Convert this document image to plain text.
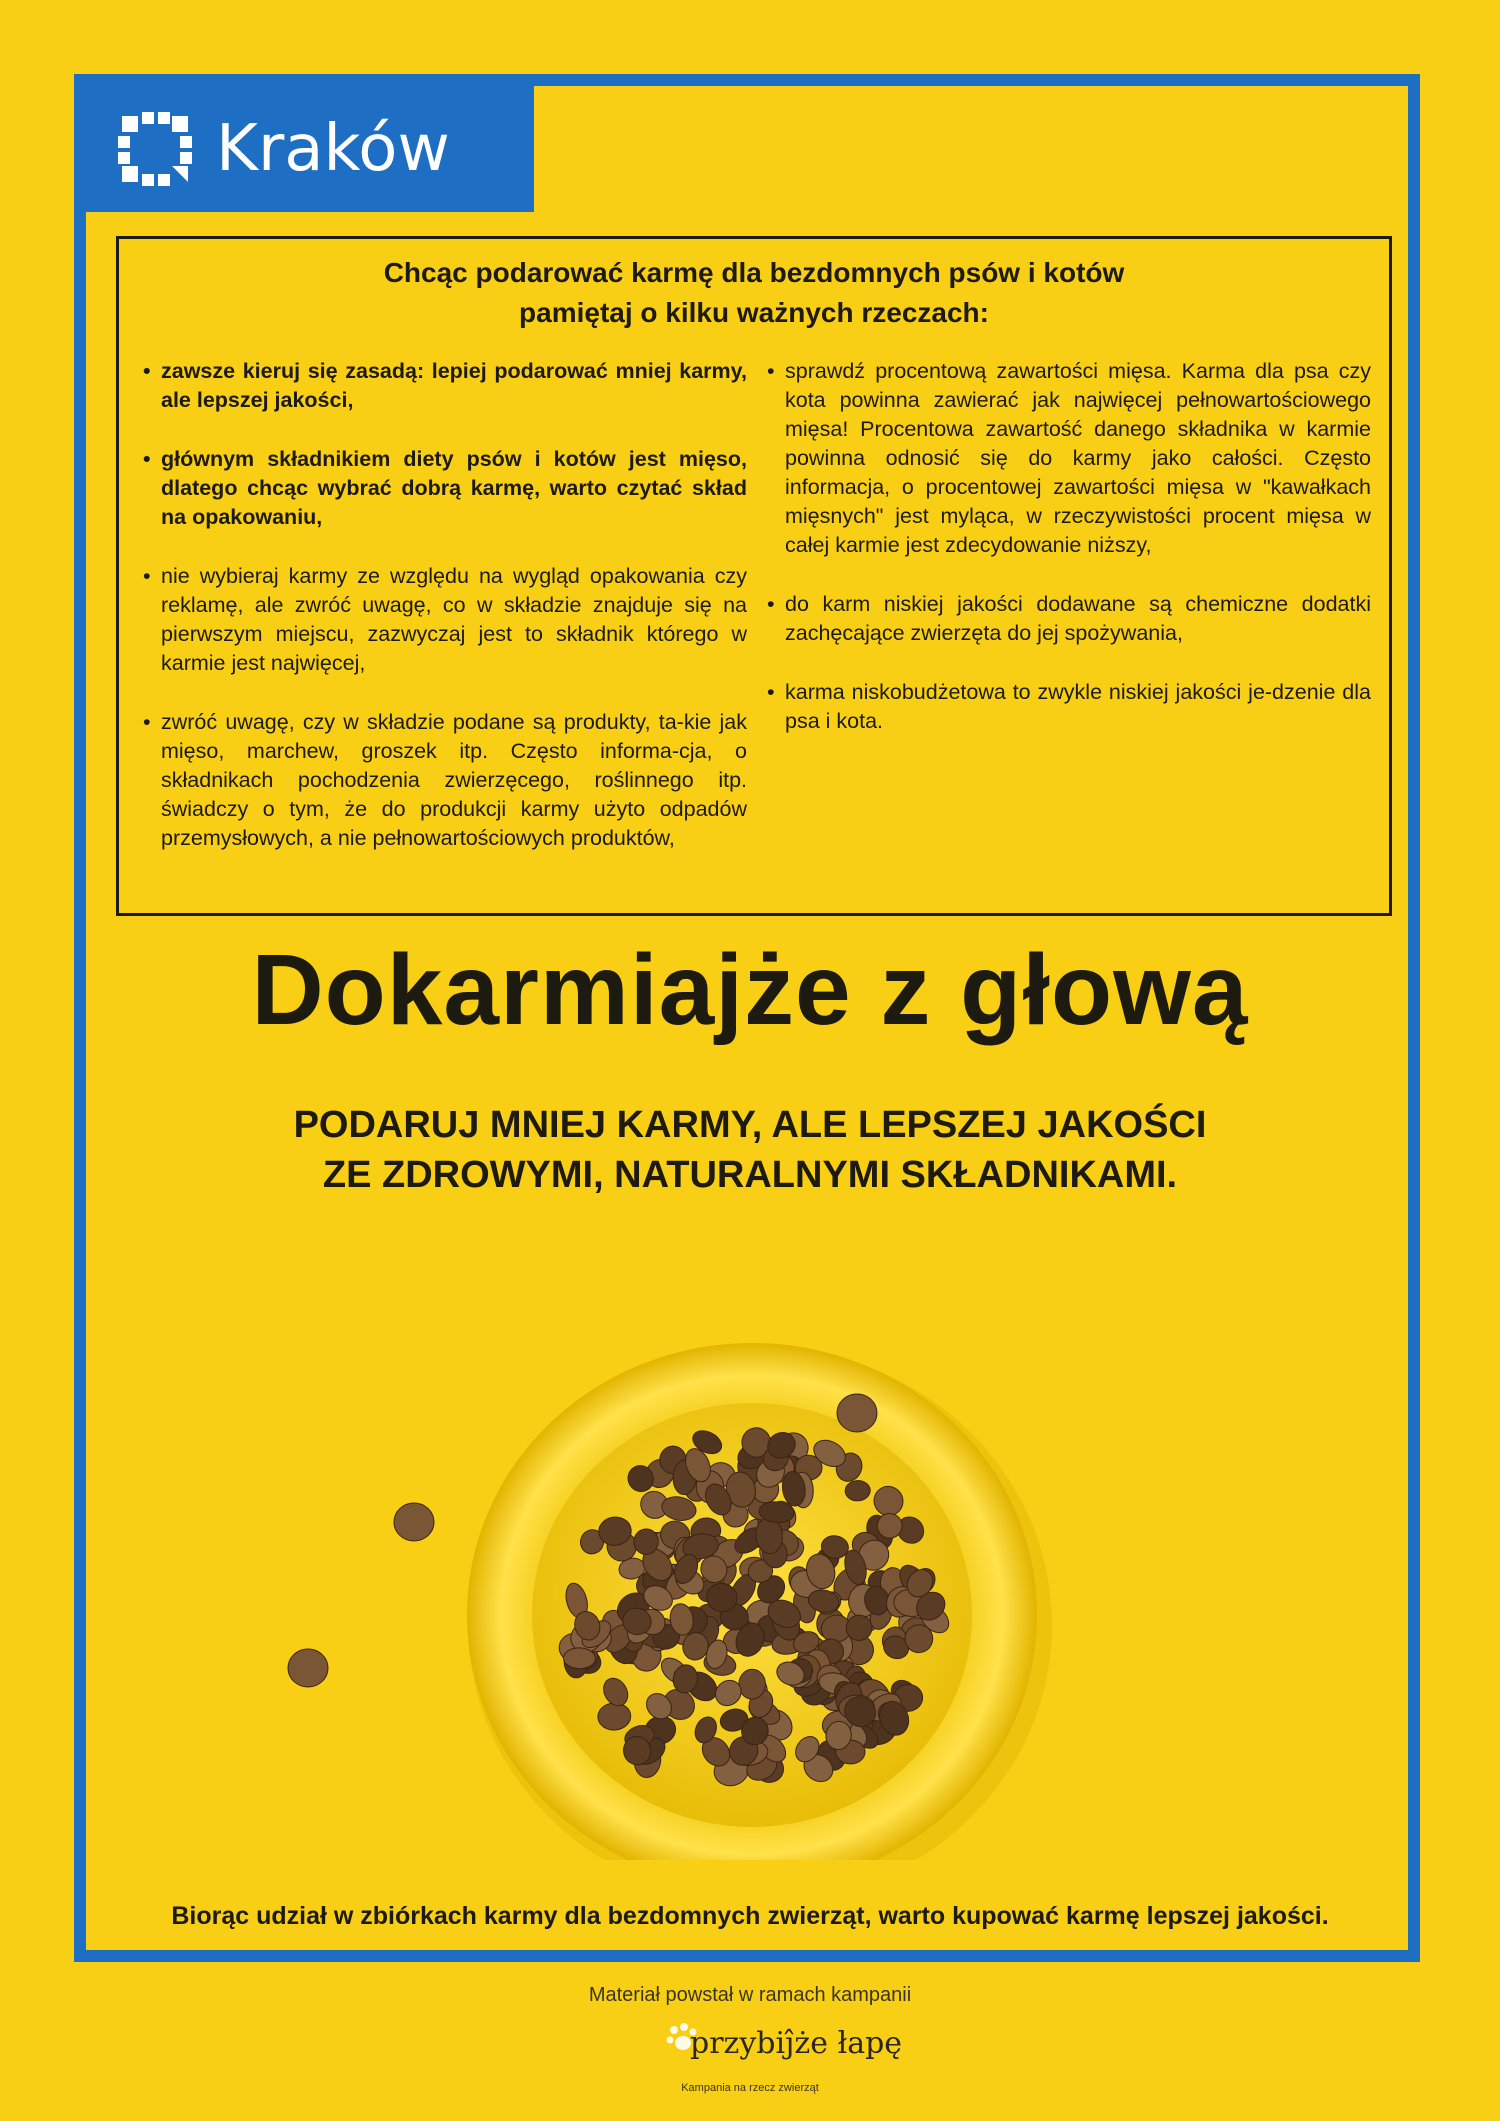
Kraków
Chcąc podarować karmę dla bezdomnych psów i kotów
pamiętaj o kilku ważnych rzeczach:
• zawsze kieruj się zasadą: lepiej podarować mniej karmy, ale lepszej jakości,
• głównym składnikiem diety psów i kotów jest mięso, dlatego chcąc wybrać dobrą karmę, warto czytać skład na opakowaniu,
• nie wybieraj karmy ze względu na wygląd opakowania czy reklamę, ale zwróć uwagę, co w składzie znajduje się na pierwszym miejscu, zazwyczaj jest to składnik którego w karmie jest najwięcej,
• zwróć uwagę, czy w składzie podane są produkty, ta-kie jak mięso, marchew, groszek itp. Często informa-cja, o składnikach pochodzenia zwierzęcego, roślinnego itp. świadczy o tym, że do produkcji karmy użyto odpadów przemysłowych, a nie pełnowartościowych produktów,
• sprawdź procentową zawartości mięsa. Karma dla psa czy kota powinna zawierać jak najwięcej pełnowartościowego mięsa! Procentowa zawartość danego składnika w karmie powinna odnosić się do karmy jako całości. Często informacja, o procentowej zawartości mięsa w "kawałkach mięsnych" jest myląca, w rzeczywistości procent mięsa w całej karmie jest zdecydowanie niższy,
• do karm niskiej jakości dodawane są chemiczne dodatki zachęcające zwierzęta do jej spożywania,
• karma niskobudżetowa to zwykle niskiej jakości je-dzenie dla psa i kota.
Dokarmiajże z głową
PODARUJ MNIEJ KARMY, ALE LEPSZEJ JAKOŚCI
ZE ZDROWYMI, NATURALNYMI SKŁADNIKAMI.
Biorąc udział w zbiórkach karmy dla bezdomnych zwierząt, warto kupować karmę lepszej jakości.
Materiał powstał w ramach kampanii
przybiĵże łapę
Kampania na rzecz zwierząt
